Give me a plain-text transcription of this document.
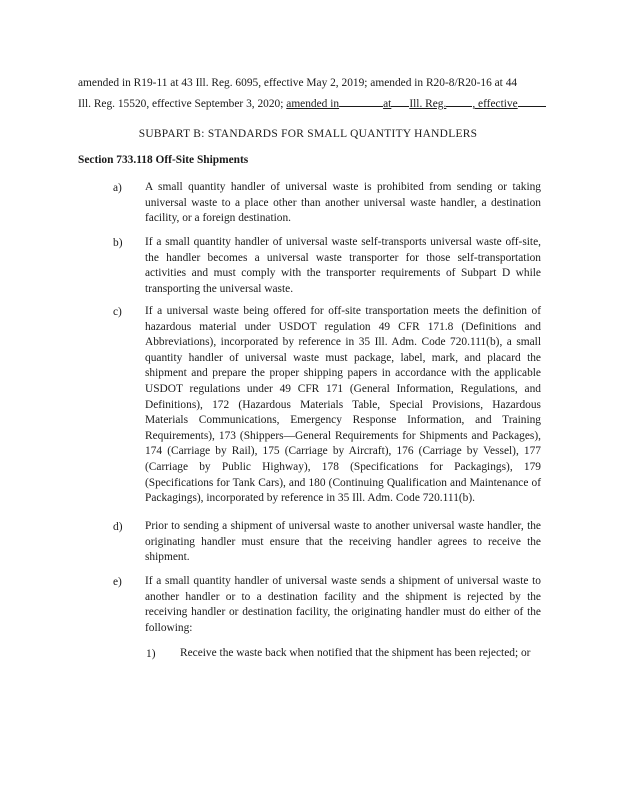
amended in R19-11 at 43 Ill. Reg. 6095, effective May 2, 2019; amended in R20-8/R20-16 at 44
Ill. Reg. 15520, effective September 3, 2020; amended in	at Ill. Reg. , effective
SUBPART B: STANDARDS FOR SMALL QUANTITY HANDLERS
Section 733.118 Off-Site Shipments
a) A small quantity handler of universal waste is prohibited from sending or taking universal waste to a place other than another universal waste handler, a destination facility, or a foreign destination.
b) If a small quantity handler of universal waste self-transports universal waste off-site, the handler becomes a universal waste transporter for those self-transportation activities and must comply with the transporter requirements of Subpart D while transporting the universal waste.
c) If a universal waste being offered for off-site transportation meets the definition of hazardous material under USDOT regulation 49 CFR 171.8 (Definitions and Abbreviations), incorporated by reference in 35 Ill. Adm. Code 720.111(b), a small quantity handler of universal waste must package, label, mark, and placard the shipment and prepare the proper shipping papers in accordance with the applicable USDOT regulations under 49 CFR 171 (General Information, Regulations, and Definitions), 172 (Hazardous Materials Table, Special Provisions, Hazardous Materials Communications, Emergency Response Information, and Training Requirements), 173 (Shippers—General Requirements for Shipments and Packages), 174 (Carriage by Rail), 175 (Carriage by Aircraft), 176 (Carriage by Vessel), 177 (Carriage by Public Highway), 178 (Specifications for Packagings), 179 (Specifications for Tank Cars), and 180 (Continuing Qualification and Maintenance of Packagings), incorporated by reference in 35 Ill. Adm. Code 720.111(b).
d) Prior to sending a shipment of universal waste to another universal waste handler, the originating handler must ensure that the receiving handler agrees to receive the shipment.
e) If a small quantity handler of universal waste sends a shipment of universal waste to another handler or to a destination facility and the shipment is rejected by the receiving handler or destination facility, the originating handler must do either of the following:
1) Receive the waste back when notified that the shipment has been rejected; or
